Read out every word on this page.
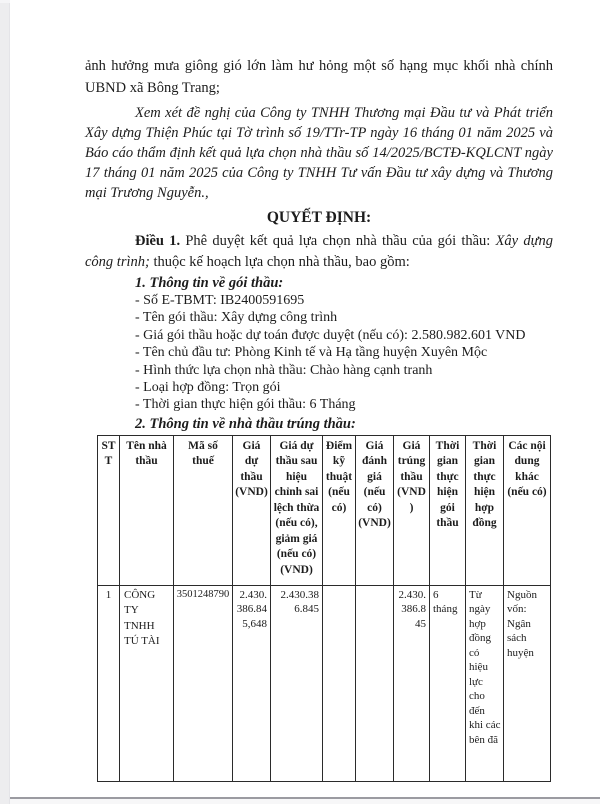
ảnh hưởng mưa giông gió lớn làm hư hỏng một số hạng mục khối nhà chính UBND xã Bông Trang;

Xem xét đề nghị của Công ty TNHH Thương mại Đầu tư và Phát triển Xây dựng Thiện Phúc tại Tờ trình số 19/TTr-TP ngày 16 tháng 01 năm 2025 và Báo cáo thẩm định kết quả lựa chọn nhà thầu số 14/2025/BCTĐ-KQLCNT ngày 17 tháng 01 năm 2025 của Công ty TNHH Tư vấn Đầu tư xây dựng và Thương mại Trương Nguyễn.,

QUYẾT ĐỊNH:

Điều 1. Phê duyệt kết quả lựa chọn nhà thầu của gói thầu: Xây dựng công trình; thuộc kế hoạch lựa chọn nhà thầu, bao gồm:

1. Thông tin về gói thầu:
- Số E-TBMT: IB2400591695
- Tên gói thầu: Xây dựng công trình
- Giá gói thầu hoặc dự toán được duyệt (nếu có): 2.580.982.601 VND
- Tên chủ đầu tư: Phòng Kinh tế và Hạ tầng huyện Xuyên Mộc
- Hình thức lựa chọn nhà thầu: Chào hàng cạnh tranh
- Loại hợp đồng: Trọn gói
- Thời gian thực hiện gói thầu: 6 Tháng
2. Thông tin về nhà thầu trúng thầu:
STT	Tên nhà thầu	Mã số thuế	Giá dự thầu (VND)	Giá dự thầu sau hiệu chỉnh sai lệch thừa (nếu có), giảm giá (nếu có) (VND)	Điểm kỹ thuật (nếu có)	Giá đánh giá (nếu có) (VND)	Giá trúng thầu (VND)	Thời gian thực hiện gói thầu	Thời gian thực hiện hợp đồng	Các nội dung khác (nếu có)
1	CÔNG TY TNHH TÚ TÀI	3501248790	2.430.386.845,648	2.430.386.845			2.430.386.845	6 tháng	Từ ngày hợp đồng có hiệu lực cho đến khi các bên đã	Nguồn vốn: Ngân sách huyện
